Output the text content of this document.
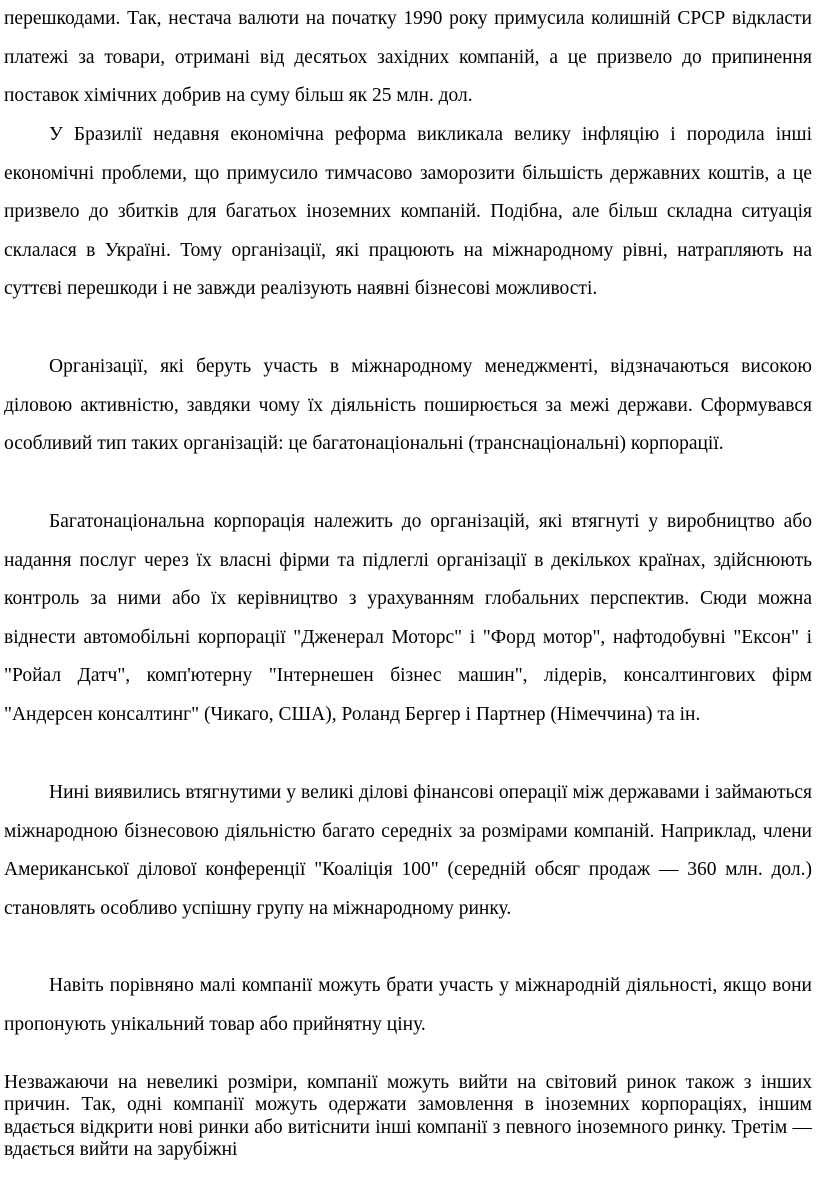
перешкодами. Так, нестача валюти на початку 1990 року примусила колишній СРСР відкласти платежі за товари, отримані від десятьох західних компаній, а це призвело до припинення поставок хімічних добрив на суму більш як 25 млн. дол.

У Бразилії недавня економічна реформа викликала велику інфляцію і породила інші економічні проблеми, що примусило тимчасово заморозити більшість державних коштів, а це призвело до збитків для багатьох іноземних компаній. Подібна, але більш складна ситуація склалася в Україні. Тому організації, які працюють на міжнародному рівні, натрапляють на суттєві перешкоди і не завжди реалізують наявні бізнесові можливості.

Організації, які беруть участь в міжнародному менеджменті, відзначаються високою діловою активністю, завдяки чому їх діяльність поширюється за межі держави. Сформувався особливий тип таких організацій: це багатонаціональні (транснаціональні) корпорації.

Багатонаціональна корпорація належить до організацій, які втягнуті у виробництво або надання послуг через їх власні фірми та підлеглі організації в декількох країнах, здійснюють контроль за ними або їх керівництво з урахуванням глобальних перспектив. Сюди можна віднести автомобільні корпорації "Дженерал Моторс" і "Форд мотор", нафтодобувні "Ексон" і "Ройал Датч", комп'ютерну "Інтернешен бізнес машин", лідерів, консалтингових фірм "Андерсен консалтинг" (Чикаго, США), Роланд Бергер і Партнер (Німеччина) та ін.

Нині виявились втягнутими у великі ділові фінансові операції між державами і займаються міжнародною бізнесовою діяльністю багато середніх за розмірами компаній. Наприклад, члени Американської ділової конференції "Коаліція 100" (середній обсяг продаж — 360 млн. дол.) становлять особливо успішну групу на міжнародному ринку.

Навіть порівняно малі компанії можуть брати участь у міжнародній діяльності, якщо вони пропонують унікальний товар або прийнятну ціну.

Незважаючи на невеликі розміри, компанії можуть вийти на світовий ринок також з інших причин. Так, одні компанії можуть одержати замовлення в іноземних корпораціях, іншим вдається відкрити нові ринки або витіснити інші компанії з певного іноземного ринку. Третім — вдається вийти на зарубіжні
